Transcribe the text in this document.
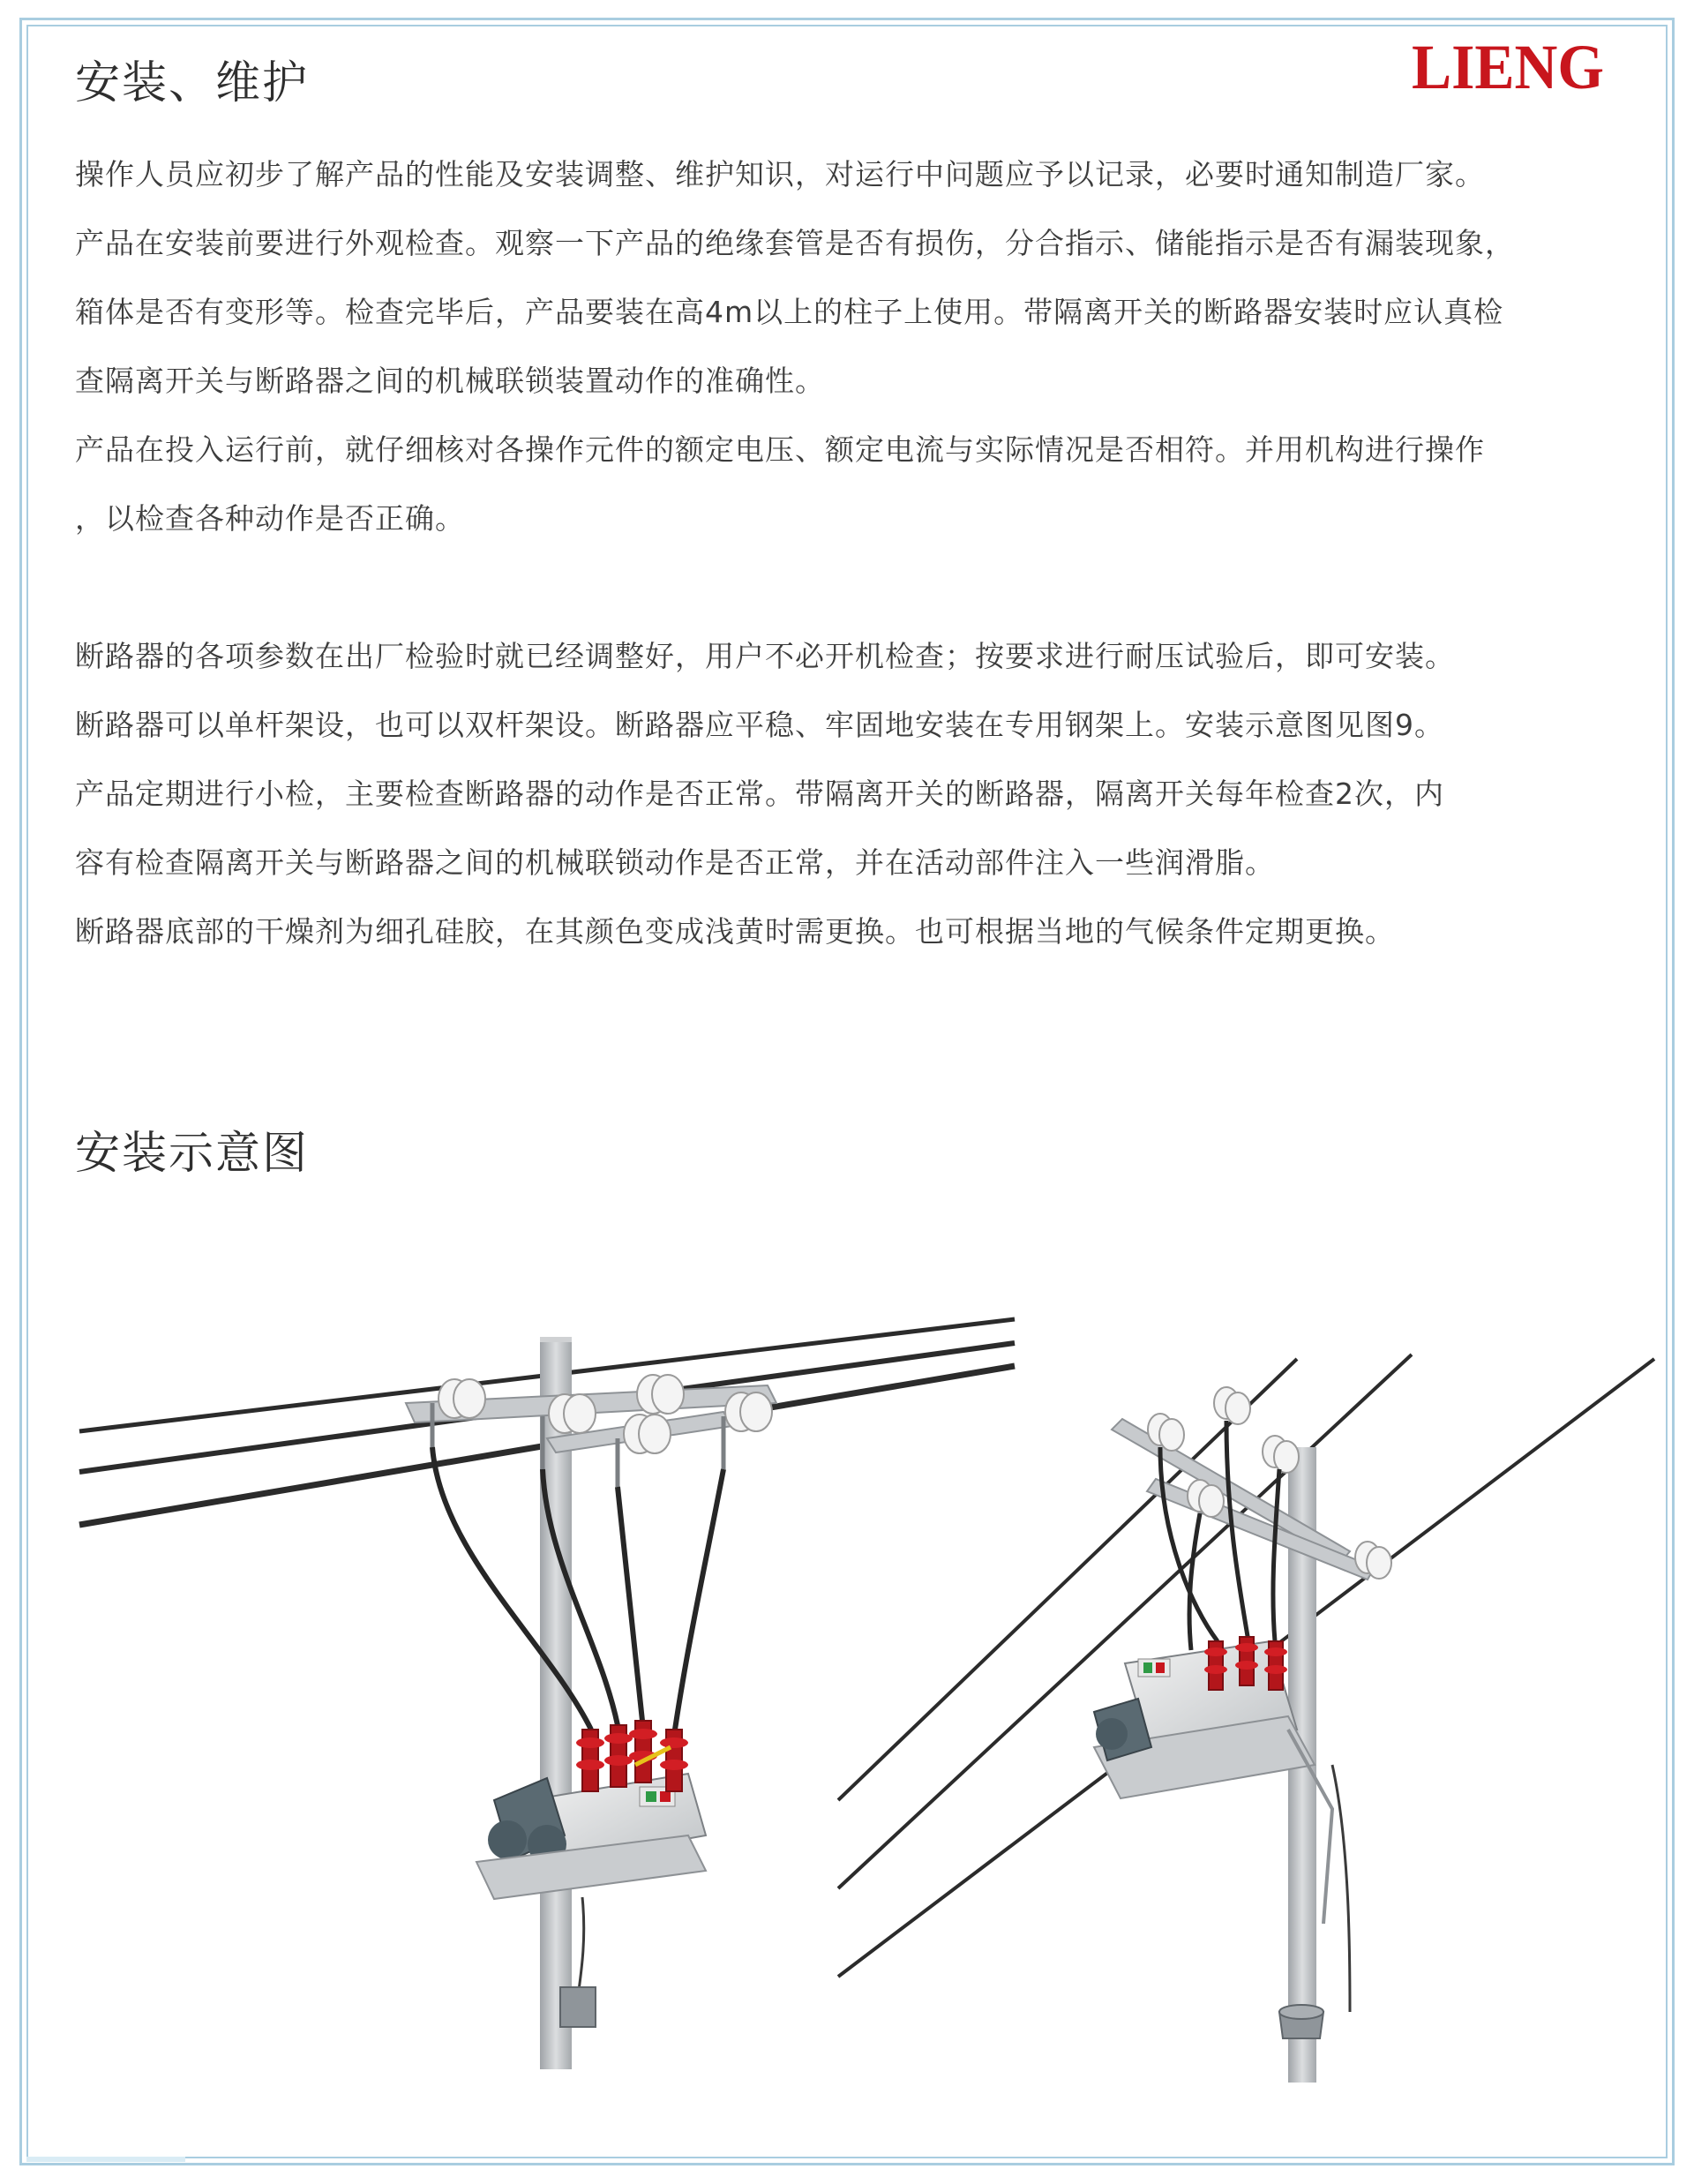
安装、维护	LIENG

操作人员应初步了解产品的性能及安装调整、维护知识，对运行中问题应予以记录，必要时通知制造厂家。

产品在安装前要进行外观检查。观察一下产品的绝缘套管是否有损伤，分合指示、储能指示是否有漏装现象，

箱体是否有变形等。检查完毕后，产品要装在高4m以上的柱子上使用。带隔离开关的断路器安装时应认真检

查隔离开关与断路器之间的机械联锁装置动作的准确性。

产品在投入运行前，就仔细核对各操作元件的额定电压、额定电流与实际情况是否相符。并用机构进行操作

，以检查各种动作是否正确。

断路器的各项参数在出厂检验时就已经调整好，用户不必开机检查；按要求进行耐压试验后，即可安装。

断路器可以单杆架设，也可以双杆架设。断路器应平稳、牢固地安装在专用钢架上。安装示意图见图9。

产品定期进行小检，主要检查断路器的动作是否正常。带隔离开关的断路器，隔离开关每年检查2次，内

容有检查隔离开关与断路器之间的机械联锁动作是否正常，并在活动部件注入一些润滑脂。

断路器底部的干燥剂为细孔硅胶，在其颜色变成浅黄时需更换。也可根据当地的气候条件定期更换。

安装示意图
